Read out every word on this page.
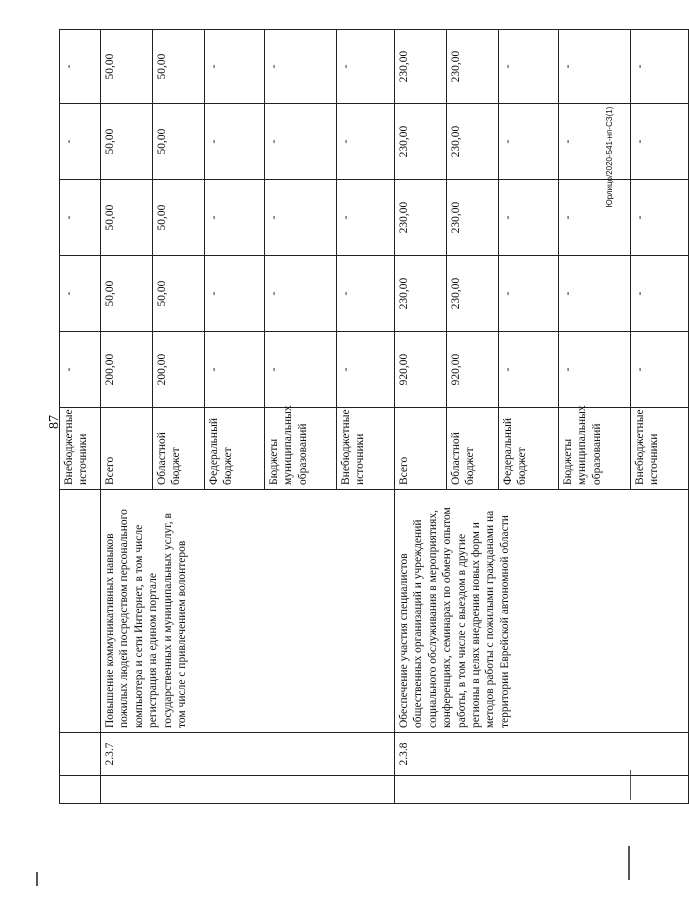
87
Юрлицо/2020-541-нп-СЗ(1)
			Внебюджетные источники	-	-	-	-	-
	2.3.7	Повышение коммуникативных навыков пожилых людей посредством персонального компьютера и сети Интернет, в том числе регистрация на едином портале государственных и муниципальных услуг, в том числе с привлечением волонтеров	Всего	200,00	50,00	50,00	50,00	50,00
			Областной бюджет	200,00	50,00	50,00	50,00	50,00
			Федеральный бюджет	-	-	-	-	-
			Бюджеты муниципальных образований	-	-	-	-	-
			Внебюджетные источники	-	-	-	-	-
	2.3.8	Обеспечение участия специалистов общественных организаций и учреждений социального обслуживания в мероприятиях, конференциях, семинарах по обмену опытом работы, в том числе с выездом в другие регионы в целях внедрения новых форм и методов работы с пожилыми гражданами на территории Еврейской автономной области	Всего	920,00	230,00	230,00	230,00	230,00
			Областной бюджет	920,00	230,00	230,00	230,00	230,00
			Федеральный бюджет	-	-	-	-	-
			Бюджеты муниципальных образований	-	-	-	-	-
			Внебюджетные источники	-	-	-	-	-
